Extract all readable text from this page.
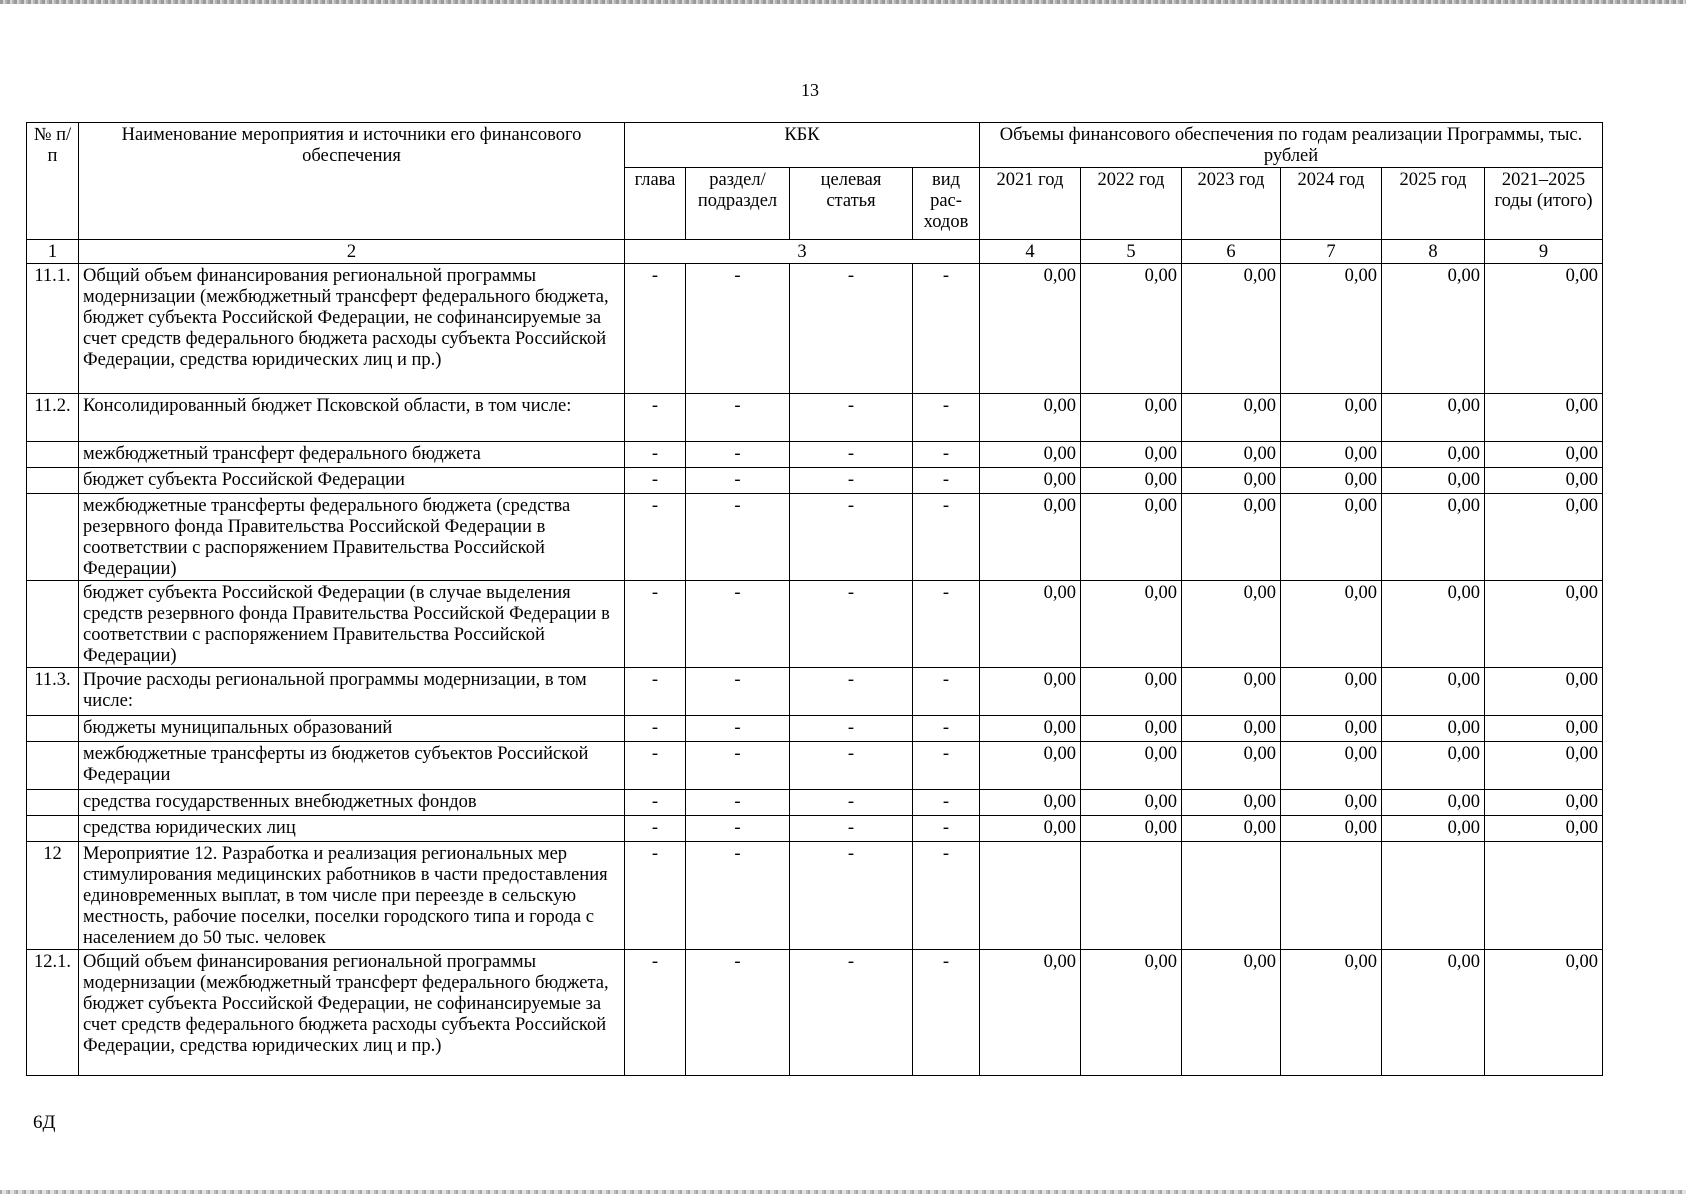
13
№ п/п	Наименование мероприятия и источники его финансового обеспечения	КБК				Объемы финансового обеспечения по годам реализации Программы, тыс. рублей					
		глава	раздел/ подраздел	целевая статья	вид рас- ходов	2021 год	2022 год	2023 год	2024 год	2025 год	2021–2025 годы (итого)
1	2	3				4	5	6	7	8	9
11.1.	Общий объем финансирования региональной программы модернизации (межбюджетный трансферт федерального бюджета, бюджет субъекта Российской Федерации, не софинансируемые за счет средств федерального бюджета расходы субъекта Российской Федерации, средства юридических лиц и пр.)	-	-	-	-	0,00	0,00	0,00	0,00	0,00	0,00
11.2.	Консолидированный бюджет Псковской области, в том числе:	-	-	-	-	0,00	0,00	0,00	0,00	0,00	0,00
	межбюджетный трансферт федерального бюджета	-	-	-	-	0,00	0,00	0,00	0,00	0,00	0,00
	бюджет субъекта Российской Федерации	-	-	-	-	0,00	0,00	0,00	0,00	0,00	0,00
	межбюджетные трансферты федерального бюджета (средства резервного фонда Правительства Российской Федерации в соответствии с распоряжением Правительства Российской Федерации)	-	-	-	-	0,00	0,00	0,00	0,00	0,00	0,00
	бюджет субъекта Российской Федерации (в случае выделения средств резервного фонда Правительства Российской Федерации в соответствии с распоряжением Правительства Российской Федерации)	-	-	-	-	0,00	0,00	0,00	0,00	0,00	0,00
11.3.	Прочие расходы региональной программы модернизации, в том числе:	-	-	-	-	0,00	0,00	0,00	0,00	0,00	0,00
	бюджеты муниципальных образований	-	-	-	-	0,00	0,00	0,00	0,00	0,00	0,00
	межбюджетные трансферты из бюджетов субъектов Российской Федерации	-	-	-	-	0,00	0,00	0,00	0,00	0,00	0,00
	средства государственных внебюджетных фондов	-	-	-	-	0,00	0,00	0,00	0,00	0,00	0,00
	средства юридических лиц	-	-	-	-	0,00	0,00	0,00	0,00	0,00	0,00
12	Мероприятие 12. Разработка и реализация региональных мер стимулирования медицинских работников в части предоставления единовременных выплат, в том числе при переезде в сельскую местность, рабочие поселки, поселки городского типа и города с населением до 50 тыс. человек	-	-	-	-						
12.1.	Общий объем финансирования региональной программы модернизации (межбюджетный трансферт федерального бюджета, бюджет субъекта Российской Федерации, не софинансируемые за счет средств федерального бюджета расходы субъекта Российской Федерации, средства юридических лиц и пр.)	-	-	-	-	0,00	0,00	0,00	0,00	0,00	0,00
6Д
